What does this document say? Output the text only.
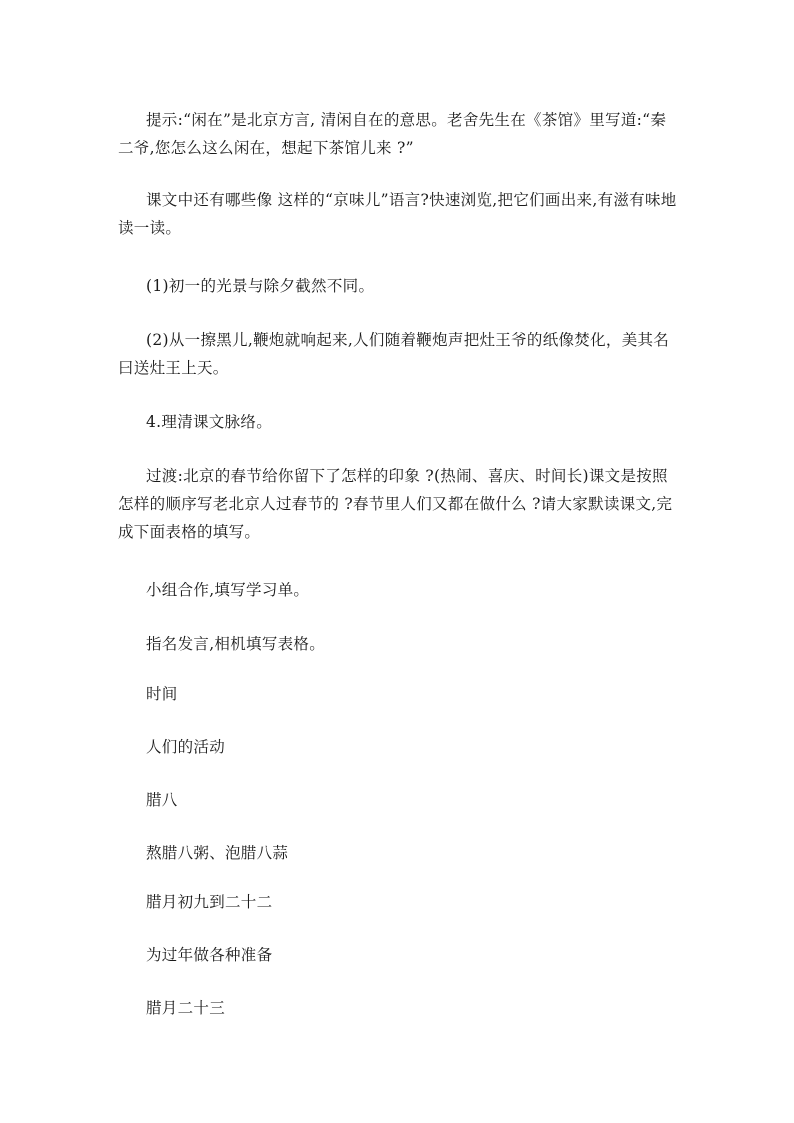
提示:“闲在”是北京方言, 清闲自在的意思。老舍先生在《茶馆》里写道:“秦二爷,您怎么这么闲在，想起下茶馆儿来 ?”

课文中还有哪些像 这样的“京味儿”语言?快速浏览,把它们画出来,有滋有味地读一读。

(1)初一的光景与除夕截然不同。

(2)从一擦黑儿,鞭炮就响起来,人们随着鞭炮声把灶王爷的纸像焚化，美其名曰送灶王上天。

4.理清课文脉络。

过渡:北京的春节给你留下了怎样的印象 ?(热闹、喜庆、时间长)课文是按照怎样的顺序写老北京人过春节的 ?春节里人们又都在做什么 ?请大家默读课文,完成下面表格的填写。

小组合作,填写学习单。

指名发言,相机填写表格。

时间

人们的活动

腊八

熬腊八粥、泡腊八蒜

腊月初九到二十二

为过年做各种准备

腊月二十三
